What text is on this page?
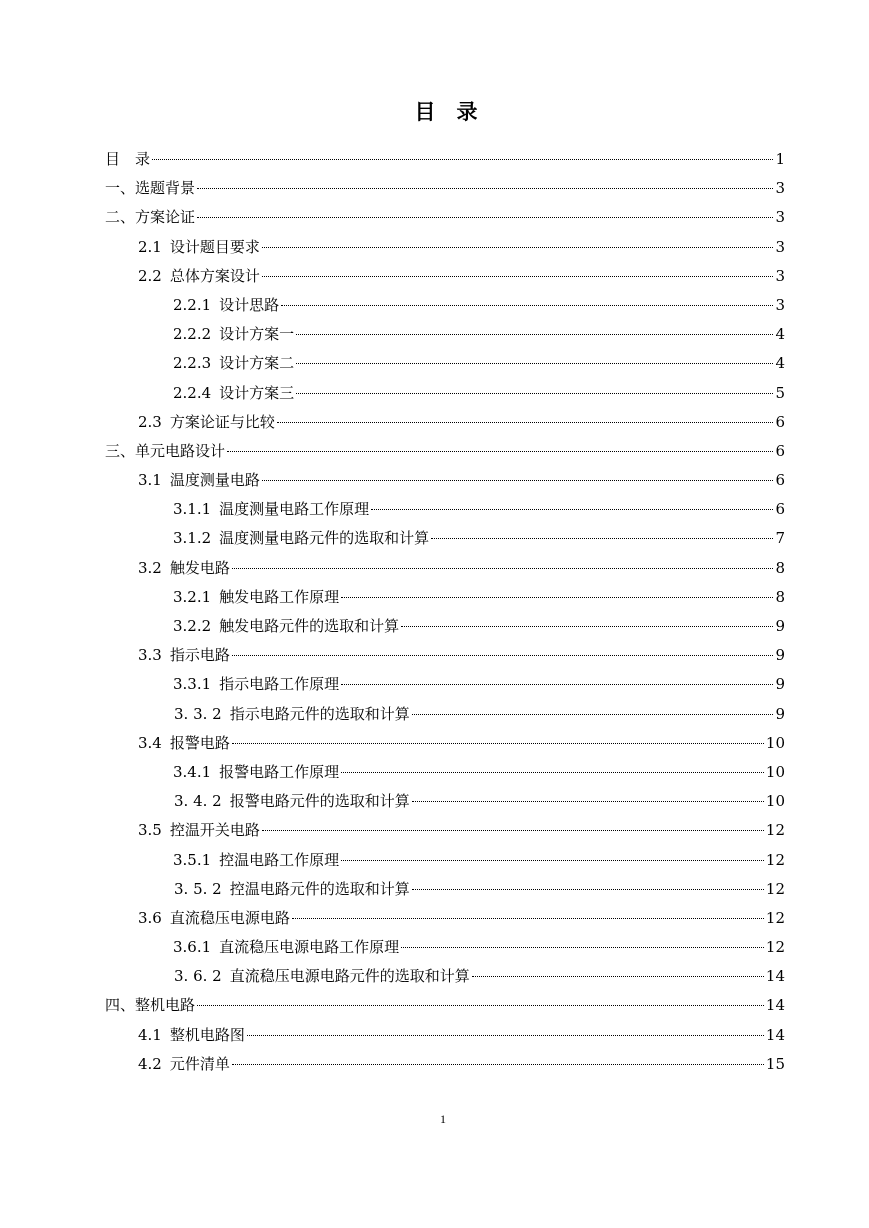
目　录
目　录	1
一、 选题背景	3
二、 方案论证	3
2.1 设计题目要求	3
2.2 总体方案设计	3
2.2.1 设计思路	3
2.2.2 设计方案一	4
2.2.3 设计方案二	4
2.2.4 设计方案三	5
2.3 方案论证与比较	6
三、 单元电路设计	6
3.1 温度测量电路	6
3.1.1 温度测量电路工作原理	6
3.1.2 温度测量电路元件的选取和计算	7
3.2 触发电路	8
3.2.1 触发电路工作原理	8
3.2.2 触发电路元件的选取和计算	9
3.3 指示电路	9
3.3.1 指示电路工作原理	9
3. 3. 2 指示电路元件的选取和计算	9
3.4 报警电路	10
3.4.1 报警电路工作原理	10
3. 4. 2 报警电路元件的选取和计算	10
3.5 控温开关电路	12
3.5.1 控温电路工作原理	12
3. 5. 2 控温电路元件的选取和计算	12
3.6 直流稳压电源电路	12
3.6.1 直流稳压电源电路工作原理	12
3. 6. 2 直流稳压电源电路元件的选取和计算	14
四、 整机电路	14
4.1 整机电路图	14
4.2 元件清单	15
1
